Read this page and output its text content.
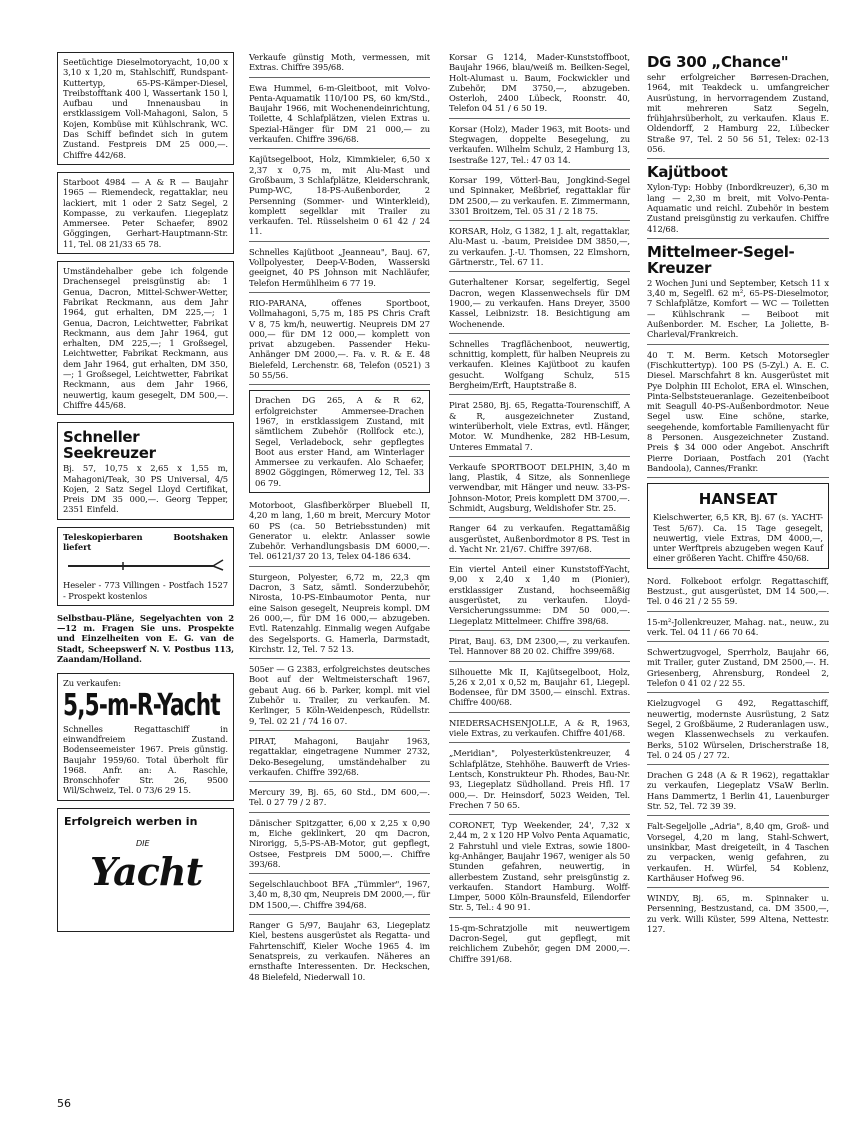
Seetüchtige Dieselmotoryacht, 10,00 x 3,10 x 1,20 m, Stahlschiff, Rundspant-Kuttertyp, 65-PS-Kämper-Diesel, Treibstofftank 400 l, Wassertank 150 l, Aufbau und Innenausbau in erstklassigem Voll-Mahagoni, Salon, 5 Kojen, Kombüse mit Kühlschrank, WC. Das Schiff befindet sich in gutem Zustand. Festpreis DM 25 000,—. Chiffre 442/68.
Starboot 4984 — A & R — Baujahr 1965 — Riemendeck, regattaklar, neu lackiert, mit 1 oder 2 Satz Segel, 2 Kompasse, zu verkaufen. Liegeplatz Ammersee. Peter Schaefer, 8902 Göggingen, Gerhart-Hauptmann-Str. 11, Tel. 08 21/33 65 78.
Umständehalber gebe ich folgende Drachensegel preisgünstig ab: 1 Genua, Dacron, Mittel-Schwer-Wetter, Fabrikat Reckmann, aus dem Jahr 1964, gut erhalten, DM 225,—; 1 Genua, Dacron, Leichtwetter, Fabrikat Reckmann, aus dem Jahr 1964, gut erhalten, DM 225,—; 1 Großsegel, Leichtwetter, Fabrikat Reckmann, aus dem Jahr 1964, gut erhalten, DM 350,—; 1 Großsegel, Leichtwetter, Fabrikat Reckmann, aus dem Jahr 1966, neuwertig, kaum gesegelt, DM 500,—. Chiffre 445/68.
Schneller Seekreuzer
Bj. 57, 10,75 x 2,65 x 1,55 m, Mahagoni/Teak, 30 PS Universal, 4/5 Kojen, 2 Satz Segel Lloyd Certifikat, Preis DM 35 000,—. Georg Tepper, 2351 Einfeld.
Teleskopierbaren Bootshaken liefert
Heseler - 773 Villingen - Postfach 1527 - Prospekt kostenlos
Selbstbau-Pläne, Segelyachten von 2—12 m. Fragen Sie uns. Prospekte und Einzelheiten von E. G. van de Stadt, Scheepswerf N. V. Postbus 113, Zaandam/Holland.
Zu verkaufen:
5,5-m-R-Yacht
Schnelles Regattaschiff in einwandfreiem Zustand. Bodenseemeister 1967. Preis günstig. Baujahr 1959/60. Total überholt für 1968. Anfr. an: A. Raschle, Bronschhofer Str. 26, 9500 Wil/Schweiz, Tel. 0 73/6 29 15.
Erfolgreich werben in
DIE
Yacht
Verkaufe günstig Moth, vermessen, mit Extras. Chiffre 395/68.
Ewa Hummel, 6-m-Gleitboot, mit Volvo-Penta-Aquamatik 110/100 PS, 60 km/Std., Baujahr 1966, mit Wochenendeinrichtung, Toilette, 4 Schlafplätzen, vielen Extras u. Spezial-Hänger für DM 21 000,— zu verkaufen. Chiffre 396/68.
Kajütsegelboot, Holz, Kimmkieler, 6,50 x 2,37 x 0,75 m, mit Alu-Mast und Großbaum, 3 Schlafplätze, Kleiderschrank, Pump-WC, 18-PS-Außenborder, 2 Persenning (Sommer- und Winterkleid), komplett segelklar mit Trailer zu verkaufen. Tel. Rüsselsheim 0 61 42 / 24 11.
Schnelles Kajütboot „Jeanneau", Bauj. 67, Vollpolyester, Deep-V-Boden, Wasserski geeignet, 40 PS Johnson mit Nachläufer, Telefon Hermühlheim 6 77 19.
RIO-PARANA, offenes Sportboot, Vollmahagoni, 5,75 m, 185 PS Chris Craft V 8, 75 km/h, neuwertig. Neupreis DM 27 000,— für DM 12 000,— komplett von privat abzugeben. Passender Heku-Anhänger DM 2000,—. Fa. v. R. & E. 48 Bielefeld, Lerchenstr. 68, Telefon (0521) 3 50 55/56.
Drachen DG 265, A & R 62, erfolgreichster Ammersee-Drachen 1967, in erstklassigem Zustand, mit sämtlichem Zubehör (Rollfock etc.), Segel, Verladebock, sehr gepflegtes Boot aus erster Hand, am Winterlager Ammersee zu verkaufen. Alo Schaefer, 8902 Göggingen, Römerweg 12, Tel. 33 06 79.
Motorboot, Glasfiberkörper Bluebell II, 4,20 m lang, 1,60 m breit, Mercury Motor 60 PS (ca. 50 Betriebsstunden) mit Generator u. elektr. Anlasser sowie Zubehör. Verhandlungsbasis DM 6000,—. Tel. 06121/37 20 13, Telex 04-186 634.
Sturgeon, Polyester, 6,72 m, 22,3 qm Dacron, 3 Satz, sämtl. Sonderzubehör, Nirosta, 10-PS-Einbaumotor Penta, nur eine Saison gesegelt, Neupreis kompl. DM 26 000,—, für DM 16 000,— abzugeben. Evtl. Ratenzahlg. Einmalig wegen Aufgabe des Segelsports. G. Hamerla, Darmstadt, Kirchstr. 12, Tel. 7 52 13.
505er — G 2383, erfolgreichstes deutsches Boot auf der Weltmeisterschaft 1967, gebaut Aug. 66 b. Parker, kompl. mit viel Zubehör u. Trailer, zu verkaufen. M. Kerlinger, 5 Köln-Weidenpesch, Rüdellstr. 9, Tel. 02 21 / 74 16 07.
PIRAT, Mahagoni, Baujahr 1963, regattaklar, eingetragene Nummer 2732, Deko-Besegelung, umständehalber zu verkaufen. Chiffre 392/68.
Mercury 39, Bj. 65, 60 Std., DM 600,—. Tel. 0 27 79 / 2 87.
Dänischer Spitzgatter, 6,00 x 2,25 x 0,90 m, Eiche geklinkert, 20 qm Dacron, Nirorigg, 5,5-PS-AB-Motor, gut gepflegt, Ostsee, Festpreis DM 5000,—. Chiffre 393/68.
Segelschlauchboot BFA „Tümmler", 1967, 3,40 m, 8,30 qm, Neupreis DM 2000,—, für DM 1500,—. Chiffre 394/68.
Ranger G 5/97, Baujahr 63, Liegeplatz Kiel, bestens ausgerüstet als Regatta- und Fahrtenschiff, Kieler Woche 1965 4. im Senatspreis, zu verkaufen. Näheres an ernsthafte Interessenten. Dr. Heckschen, 48 Bielefeld, Niederwall 10.
Korsar G 1214, Mader-Kunststoffboot, Baujahr 1966, blau/weiß m. Beilken-Segel, Holt-Alumast u. Baum, Fockwickler und Zubehör, DM 3750,—, abzugeben. Osterloh, 2400 Lübeck, Roonstr. 40, Telefon 04 51 / 6 50 19.
Korsar (Holz), Mader 1963, mit Boots- und Stegwagen, doppelte Besegelung, zu verkaufen. Wilhelm Schulz, 2 Hamburg 13, Isestraße 127, Tel.: 47 03 14.
Korsar 199, Vötterl-Bau, Jongkind-Segel und Spinnaker, Meßbrief, regattaklar für DM 2500,— zu verkaufen. E. Zimmermann, 3301 Broitzem, Tel. 05 31 / 2 18 75.
KORSAR, Holz, G 1382, 1 J. alt, regattaklar, Alu-Mast u. -baum, Preisidee DM 3850,—, zu verkaufen. J.-U. Thomsen, 22 Elmshorn, Gärtnerstr., Tel. 67 11.
Guterhaltener Korsar, segelfertig, Segel Dacron, wegen Klassenwechsels für DM 1900,— zu verkaufen. Hans Dreyer, 3500 Kassel, Leibnizstr. 18. Besichtigung am Wochenende.
Schnelles Tragflächenboot, neuwertig, schnittig, komplett, für halben Neupreis zu verkaufen. Kleines Kajütboot zu kaufen gesucht. Wolfgang Schulz, 515 Bergheim/Erft, Hauptstraße 8.
Pirat 2580, Bj. 65, Regatta-Tourenschiff, A & R, ausgezeichneter Zustand, winterüberholt, viele Extras, evtl. Hänger, Motor. W. Mundhenke, 282 HB-Lesum, Unteres Emmatal 7.
Verkaufe SPORTBOOT DELPHIN, 3,40 m lang, Plastik, 4 Sitze, als Sonnenliege verwendbar, mit Hänger und neuw. 33-PS-Johnson-Motor, Preis komplett DM 3700,—. Schmidt, Augsburg, Weldishofer Str. 25.
Ranger 64 zu verkaufen. Regattamäßig ausgerüstet, Außenbordmotor 8 PS. Test in d. Yacht Nr. 21/67. Chiffre 397/68.
Ein viertel Anteil einer Kunststoff-Yacht, 9,00 x 2,40 x 1,40 m (Pionier), erstklassiger Zustand, hochseemäßig ausgerüstet, zu verkaufen. Lloyd-Versicherungssumme: DM 50 000,—. Liegeplatz Mittelmeer. Chiffre 398/68.
Pirat, Bauj. 63, DM 2300,—, zu verkaufen. Tel. Hannover 88 20 02. Chiffre 399/68.
Silhouette Mk II, Kajütsegelboot, Holz, 5,26 x 2,01 x 0,52 m, Baujahr 61, Liegepl. Bodensee, für DM 3500,— einschl. Extras. Chiffre 400/68.
NIEDERSACHSENJOLLE, A & R, 1963, viele Extras, zu verkaufen. Chiffre 401/68.
„Meridian", Polyesterküstenkreuzer, 4 Schlafplätze, Stehhöhe. Bauwerft de Vries-Lentsch, Konstrukteur Ph. Rhodes, Bau-Nr. 93, Liegeplatz Südholland. Preis Hfl. 17 000,—. Dr. Heinsdorf, 5023 Weiden, Tel. Frechen 7 50 65.
CORONET, Typ Weekender, 24', 7,32 x 2,44 m, 2 x 120 HP Volvo Penta Aquamatic, 2 Fahrstuhl und viele Extras, sowie 1800-kg-Anhänger, Baujahr 1967, weniger als 50 Stunden gefahren, neuwertig, in allerbestem Zustand, sehr preisgünstig z. verkaufen. Standort Hamburg. Wolff-Limper, 5000 Köln-Braunsfeld, Eilendorfer Str. 5, Tel.: 4 90 91.
15-qm-Schratzjolle mit neuwertigem Dacron-Segel, gut gepflegt, mit reichlichem Zubehör, gegen DM 2000,—. Chiffre 391/68.
DG 300 „Chance"
sehr erfolgreicher Børresen-Drachen, 1964, mit Teakdeck u. umfangreicher Ausrüstung, in hervorragendem Zustand, mit mehreren Satz Segeln, frühjahrsüberholt, zu verkaufen. Klaus E. Oldendorff, 2 Hamburg 22, Lübecker Straße 97, Tel. 2 50 56 51, Telex: 02-13 056.
Kajütboot
Xylon-Typ: Hobby (Inbordkreuzer), 6,30 m lang — 2,30 m breit, mit Volvo-Penta-Aquamatic und reichl. Zubehör in bestem Zustand preisgünstig zu verkaufen. Chiffre 412/68.
Mittelmeer-Segel-Kreuzer
2 Wochen Juni und September, Ketsch 11 x 3,40 m, Segelfl. 62 m², 65-PS-Dieselmotor, 7 Schlafplätze, Komfort — WC — Toiletten — Kühlschrank — Beiboot mit Außenborder. M. Escher, La Joliette, B-Charleval/Frankreich.
40 T. M. Berm. Ketsch Motorsegler (Fischkuttertyp). 100 PS (5-Zyl.) A. E. C. Diesel. Marschfahrt 8 kn. Ausgerüstet mit Pye Dolphin III Echolot, ERA el. Winschen, Pinta-Selbststeueranlage. Gezeitenbeiboot mit Seagull 40-PS-Außenbordmotor. Neue Segel usw. Eine schöne, starke, seegehende, komfortable Familienyacht für 8 Personen. Ausgezeichneter Zustand. Preis $ 34 000 oder Angebot. Anschrift Pierre Doriaan, Postfach 201 (Yacht Bandoola), Cannes/Frankr.
HANSEAT
Kielschwerter, 6,5 KR, Bj. 67 (s. YACHT-Test 5/67). Ca. 15 Tage gesegelt, neuwertig, viele Extras, DM 4000,—, unter Werftpreis abzugeben wegen Kauf einer größeren Yacht. Chiffre 450/68.
Nord. Folkeboot erfolgr. Regattaschiff, Bestzust., gut ausgerüstet, DM 14 500,—. Tel. 0 46 21 / 2 55 59.
15-m²-Jollenkreuzer, Mahag. nat., neuw., zu verk. Tel. 04 11 / 66 70 64.
Schwertzugvogel, Sperrholz, Baujahr 66, mit Trailer, guter Zustand, DM 2500,—. H. Griesenberg, Ahrensburg, Rondeel 2, Telefon 0 41 02 / 22 55.
Kielzugvogel G 492, Regattaschiff, neuwertig, modernste Ausrüstung, 2 Satz Segel, 2 Großbäume, 2 Ruderanlagen usw., wegen Klassenwechsels zu verkaufen. Berks, 5102 Würselen, Drischerstraße 18, Tel. 0 24 05 / 27 72.
Drachen G 248 (A & R 1962), regattaklar zu verkaufen, Liegeplatz VSaW Berlin. Hans Dammertz, 1 Berlin 41, Lauenburger Str. 52, Tel. 72 39 39.
Falt-Segeljolle „Adria", 8,40 qm, Groß- und Vorsegel, 4,20 m lang, Stahl-Schwert, unsinkbar, Mast dreigeteilt, in 4 Taschen zu verpacken, wenig gefahren, zu verkaufen. H. Würfel, 54 Koblenz, Karthäuser Hofweg 96.
WINDY, Bj. 65, m. Spinnaker u. Persenning, Bestzustand, ca. DM 3500,—, zu verk. Willi Küster, 599 Altena, Nettestr. 127.
56
